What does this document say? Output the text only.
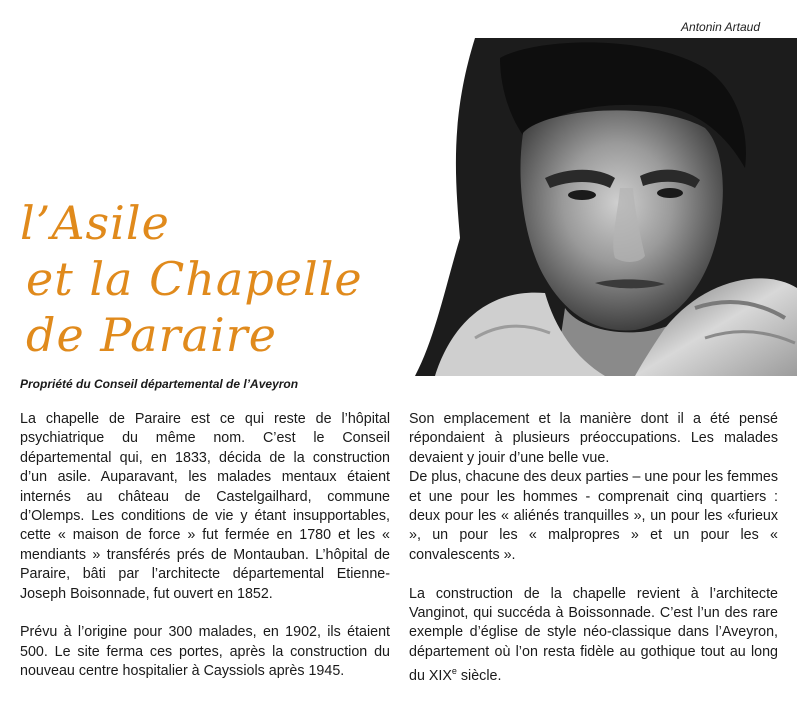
Antonin Artaud
l’Asile
et la Chapelle
de Paraire
Propriété du Conseil départemental de l’Aveyron

La chapelle de Paraire est ce qui reste de l’hôpital psychiatrique du même nom. C’est le Conseil départemental qui, en 1833, décida de la construction d’un asile. Auparavant, les malades mentaux étaient internés au château de Castelgailhard, commune d’Olemps. Les conditions de vie y étant insupportables, cette « maison de force » fut fermée en 1780 et les « mendiants » transférés prés de Montauban. L’hôpital de Paraire, bâti par l’architecte départemental Etienne-Joseph Boisonnade, fut ouvert en 1852.

Prévu à l’origine pour 300 malades, en 1902, ils étaient 500. Le site ferma ces portes, après la construction du nouveau centre hospitalier à Cayssiols après 1945.

Son emplacement et la manière dont il a été pensé répondaient à plusieurs préoccupations. Les malades devaient y jouir d’une belle vue.

De plus, chacune des deux parties – une pour les femmes et une pour les hommes - comprenait cinq quartiers : deux pour les « aliénés tranquilles », un pour les «furieux », un pour les « malpropres » et un pour les « convalescents ».

La construction de la chapelle revient à l’architecte Vanginot, qui succéda à Boissonnade. C’est l’un des rare exemple d’église de style néo-classique dans l’Aveyron, département où l’on resta fidèle au gothique tout au long du XIXe siècle.
